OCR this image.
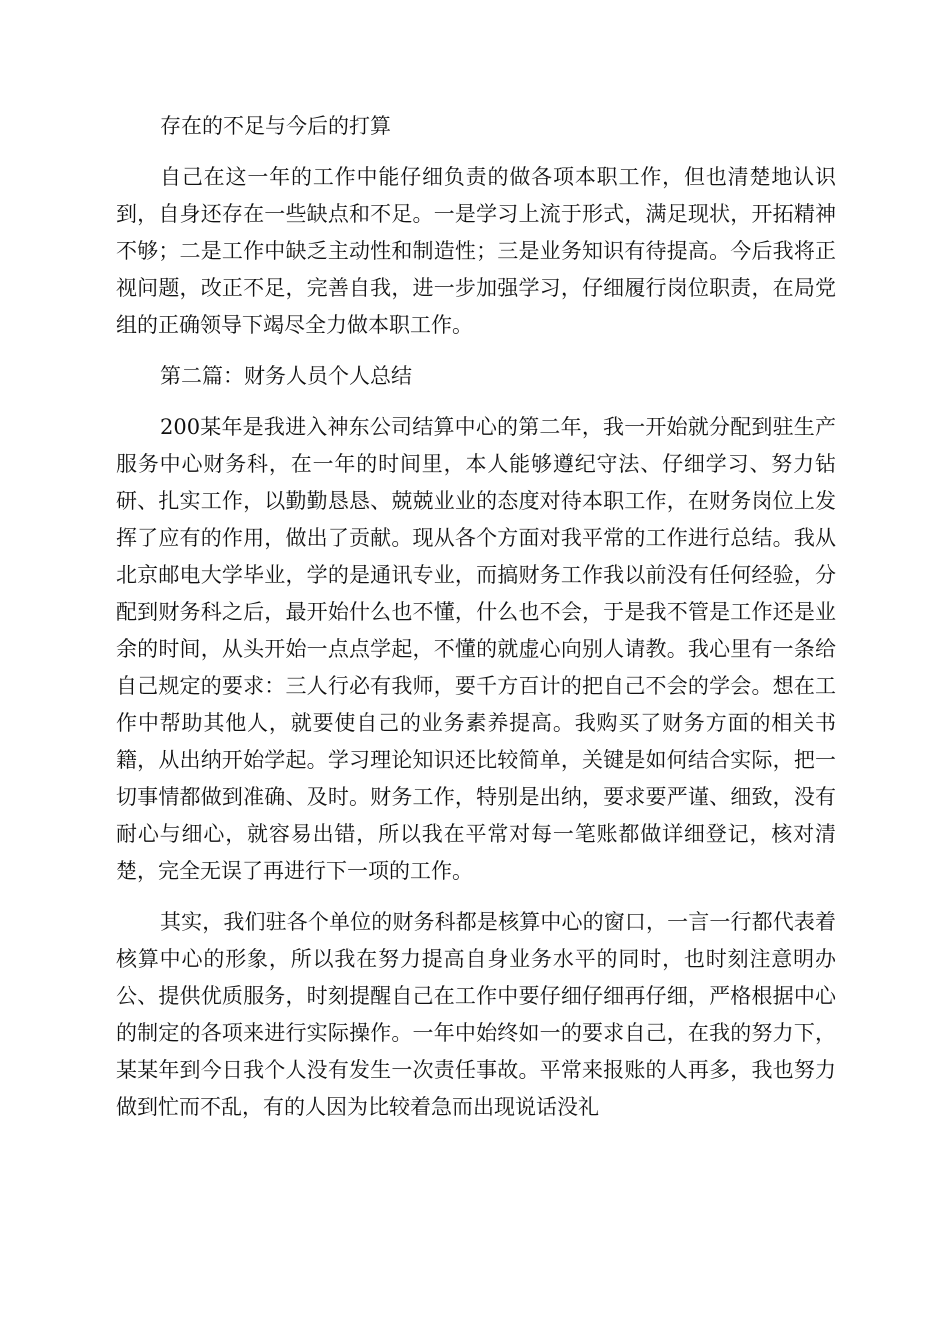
存在的不足与今后的打算

自己在这一年的工作中能仔细负责的做各项本职工作，但也清楚地认识到，自身还存在一些缺点和不足。一是学习上流于形式，满足现状，开拓精神不够；二是工作中缺乏主动性和制造性；三是业务知识有待提高。今后我将正视问题，改正不足，完善自我，进一步加强学习，仔细履行岗位职责，在局党组的正确领导下竭尽全力做本职工作。

第二篇：财务人员个人总结

200某年是我进入神东公司结算中心的第二年，我一开始就分配到驻生产服务中心财务科，在一年的时间里，本人能够遵纪守法、仔细学习、努力钻研、扎实工作，以勤勤恳恳、兢兢业业的态度对待本职工作，在财务岗位上发挥了应有的作用，做出了贡献。现从各个方面对我平常的工作进行总结。我从北京邮电大学毕业，学的是通讯专业，而搞财务工作我以前没有任何经验，分配到财务科之后，最开始什么也不懂，什么也不会，于是我不管是工作还是业余的时间，从头开始一点点学起，不懂的就虚心向别人请教。我心里有一条给自己规定的要求：三人行必有我师，要千方百计的把自己不会的学会。想在工作中帮助其他人，就要使自己的业务素养提高。我购买了财务方面的相关书籍，从出纳开始学起。学习理论知识还比较简单，关键是如何结合实际，把一切事情都做到准确、及时。财务工作，特别是出纳，要求要严谨、细致，没有耐心与细心，就容易出错，所以我在平常对每一笔账都做详细登记，核对清楚，完全无误了再进行下一项的工作。

其实，我们驻各个单位的财务科都是核算中心的窗口，一言一行都代表着核算中心的形象，所以我在努力提高自身业务水平的同时，也时刻注意明办公、提供优质服务，时刻提醒自己在工作中要仔细仔细再仔细，严格根据中心的制定的各项来进行实际操作。一年中始终如一的要求自己，在我的努力下，某某年到今日我个人没有发生一次责任事故。平常来报账的人再多，我也努力做到忙而不乱，有的人因为比较着急而出现说话没礼
